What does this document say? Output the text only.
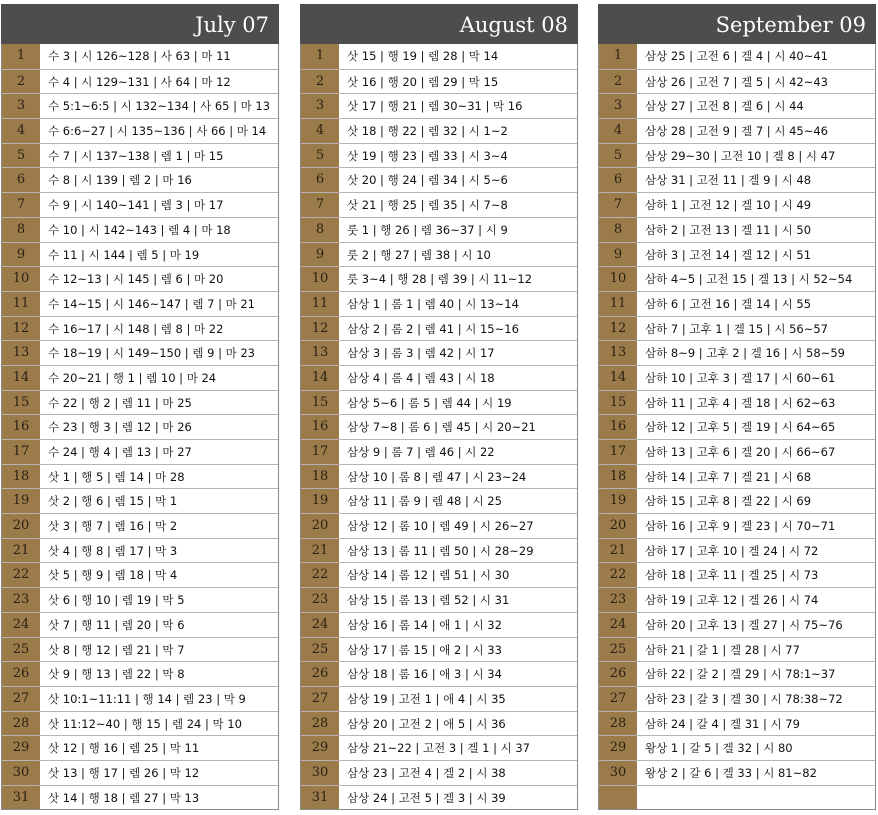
July 07
1	수 3 | 시 126~128 | 사 63 | 마 11
2	수 4 | 시 129~131 | 사 64 | 마 12
3	수 5:1~6:5 | 시 132~134 | 사 65 | 마 13
4	수 6:6~27 | 시 135~136 | 사 66 | 마 14
5	수 7 | 시 137~138 | 렘 1 | 마 15
6	수 8 | 시 139 | 렘 2 | 마 16
7	수 9 | 시 140~141 | 렘 3 | 마 17
8	수 10 | 시 142~143 | 렘 4 | 마 18
9	수 11 | 시 144 | 렘 5 | 마 19
10	수 12~13 | 시 145 | 렘 6 | 마 20
11	수 14~15 | 시 146~147 | 렘 7 | 마 21
12	수 16~17 | 시 148 | 렘 8 | 마 22
13	수 18~19 | 시 149~150 | 렘 9 | 마 23
14	수 20~21 | 행 1 | 렘 10 | 마 24
15	수 22 | 행 2 | 렘 11 | 마 25
16	수 23 | 행 3 | 렘 12 | 마 26
17	수 24 | 행 4 | 렘 13 | 마 27
18	삿 1 | 행 5 | 렘 14 | 마 28
19	삿 2 | 행 6 | 렘 15 | 막 1
20	삿 3 | 행 7 | 렘 16 | 막 2
21	삿 4 | 행 8 | 렘 17 | 막 3
22	삿 5 | 행 9 | 렘 18 | 막 4
23	삿 6 | 행 10 | 렘 19 | 막 5
24	삿 7 | 행 11 | 렘 20 | 막 6
25	삿 8 | 행 12 | 렘 21 | 막 7
26	삿 9 | 행 13 | 렘 22 | 막 8
27	삿 10:1~11:11 | 행 14 | 렘 23 | 막 9
28	삿 11:12~40 | 행 15 | 렘 24 | 막 10
29	삿 12 | 행 16 | 렘 25 | 막 11
30	삿 13 | 행 17 | 렘 26 | 막 12
31	삿 14 | 행 18 | 렘 27 | 막 13
August 08
1	삿 15 | 행 19 | 렘 28 | 막 14
2	삿 16 | 행 20 | 렘 29 | 막 15
3	삿 17 | 행 21 | 렘 30~31 | 막 16
4	삿 18 | 행 22 | 렘 32 | 시 1~2
5	삿 19 | 행 23 | 렘 33 | 시 3~4
6	삿 20 | 행 24 | 렘 34 | 시 5~6
7	삿 21 | 행 25 | 렘 35 | 시 7~8
8	룻 1 | 행 26 | 렘 36~37 | 시 9
9	룻 2 | 행 27 | 렘 38 | 시 10
10	룻 3~4 | 행 28 | 렘 39 | 시 11~12
11	삼상 1 | 롬 1 | 렘 40 | 시 13~14
12	삼상 2 | 롬 2 | 렘 41 | 시 15~16
13	삼상 3 | 롬 3 | 렘 42 | 시 17
14	삼상 4 | 롬 4 | 렘 43 | 시 18
15	삼상 5~6 | 롬 5 | 렘 44 | 시 19
16	삼상 7~8 | 롬 6 | 렘 45 | 시 20~21
17	삼상 9 | 롬 7 | 렘 46 | 시 22
18	삼상 10 | 롬 8 | 렘 47 | 시 23~24
19	삼상 11 | 롬 9 | 렘 48 | 시 25
20	삼상 12 | 롬 10 | 렘 49 | 시 26~27
21	삼상 13 | 롬 11 | 렘 50 | 시 28~29
22	삼상 14 | 롬 12 | 렘 51 | 시 30
23	삼상 15 | 롬 13 | 렘 52 | 시 31
24	삼상 16 | 롬 14 | 애 1 | 시 32
25	삼상 17 | 롬 15 | 애 2 | 시 33
26	삼상 18 | 롬 16 | 애 3 | 시 34
27	삼상 19 | 고전 1 | 애 4 | 시 35
28	삼상 20 | 고전 2 | 애 5 | 시 36
29	삼상 21~22 | 고전 3 | 겔 1 | 시 37
30	삼상 23 | 고전 4 | 겔 2 | 시 38
31	삼상 24 | 고전 5 | 겔 3 | 시 39
September 09
1	삼상 25 | 고전 6 | 겔 4 | 시 40~41
2	삼상 26 | 고전 7 | 겔 5 | 시 42~43
3	삼상 27 | 고전 8 | 겔 6 | 시 44
4	삼상 28 | 고전 9 | 겔 7 | 시 45~46
5	삼상 29~30 | 고전 10 | 겔 8 | 시 47
6	삼상 31 | 고전 11 | 겔 9 | 시 48
7	삼하 1 | 고전 12 | 겔 10 | 시 49
8	삼하 2 | 고전 13 | 겔 11 | 시 50
9	삼하 3 | 고전 14 | 겔 12 | 시 51
10	삼하 4~5 | 고전 15 | 겔 13 | 시 52~54
11	삼하 6 | 고전 16 | 겔 14 | 시 55
12	삼하 7 | 고후 1 | 겔 15 | 시 56~57
13	삼하 8~9 | 고후 2 | 겔 16 | 시 58~59
14	삼하 10 | 고후 3 | 겔 17 | 시 60~61
15	삼하 11 | 고후 4 | 겔 18 | 시 62~63
16	삼하 12 | 고후 5 | 겔 19 | 시 64~65
17	삼하 13 | 고후 6 | 겔 20 | 시 66~67
18	삼하 14 | 고후 7 | 겔 21 | 시 68
19	삼하 15 | 고후 8 | 겔 22 | 시 69
20	삼하 16 | 고후 9 | 겔 23 | 시 70~71
21	삼하 17 | 고후 10 | 겔 24 | 시 72
22	삼하 18 | 고후 11 | 겔 25 | 시 73
23	삼하 19 | 고후 12 | 겔 26 | 시 74
24	삼하 20 | 고후 13 | 겔 27 | 시 75~76
25	삼하 21 | 갈 1 | 겔 28 | 시 77
26	삼하 22 | 갈 2 | 겔 29 | 시 78:1~37
27	삼하 23 | 갈 3 | 겔 30 | 시 78:38~72
28	삼하 24 | 갈 4 | 겔 31 | 시 79
29	왕상 1 | 갈 5 | 겔 32 | 시 80
30	왕상 2 | 갈 6 | 겔 33 | 시 81~82
